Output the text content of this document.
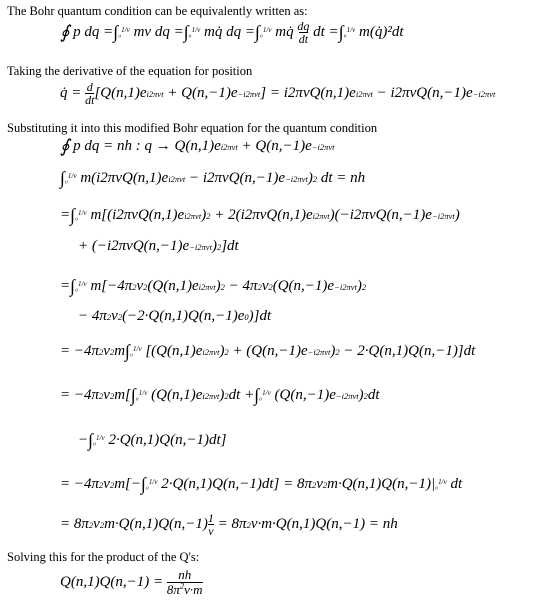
The Bohr quantum condition can be equivalently written as:

∮ p dq = ∫ ₀$^{1/\nu}$ mv dq = ∫ ₀$^{1/\nu}$ mq̇ dq = ∫ ₀$^{1/\nu}$ mq̇ dq
dt dt = ∫ ₀$^{1/\nu}$ m(q̇)²dt

Taking the derivative of the equation for position

q̇ = d
dt [Q(n,1)e i2πνt + Q(n,−1)e −i2πνt ] = i2πνQ(n,1)e i2πνt − i2πνQ(n,−1)e −i2πνt

Substituting it into this modified Bohr equation for the quantum condition

∮ p dq = nh : q → Q(n,1)e i2πνt + Q(n,−1)e −i2πνt
∫ ₀$^{1/\nu}$ m(i2πνQ(n,1)e i2πνt − i2πνQ(n,−1)e −i2πνt ) 2 dt = nh
= ∫ ₀$^{1/\nu}$ m[(i2πνQ(n,1)e i2πνt ) 2 + 2(i2πνQ(n,1)e i2πνt )(−i2πνQ(n,−1)e −i2πνt )
+ (−i2πνQ(n,−1)e −i2πνt ) 2 ]dt
= ∫ ₀$^{1/\nu}$ m[−4π 2 ν 2 (Q(n,1)e i2πνt ) 2 − 4π 2 ν 2 (Q(n,−1)e −i2πνt ) 2
− 4π 2 ν 2 (−2·Q(n,1)Q(n,−1)e 0 )]dt
= −4π 2 ν 2 m ∫ ₀$^{1/\nu}$ [(Q(n,1)e i2πνt ) 2 + (Q(n,−1)e −i2πνt ) 2 − 2·Q(n,1)Q(n,−1)]dt
= −4π 2 ν 2 m[ ∫ ₀$^{1/\nu}$ (Q(n,1)e i2πνt ) 2 dt + ∫ ₀$^{1/\nu}$ (Q(n,−1)e −i2πνt ) 2 dt
− ∫ ₀$^{1/\nu}$ 2·Q(n,1)Q(n,−1)dt]
= −4π 2 ν 2 m[− ∫ ₀$^{1/\nu}$ 2·Q(n,1)Q(n,−1)dt] = 8π 2 ν 2 m·Q(n,1)Q(n,−1)| ₀$^{1/\nu}$ dt
= 8π 2 ν 2 m·Q(n,1)Q(n,−1) 1
ν = 8π 2 ν·m·Q(n,1)Q(n,−1) = nh

Solving this for the product of the Q's:

Q(n,1)Q(n,−1) = nh
$8\pi^2\nu\cdot m$
